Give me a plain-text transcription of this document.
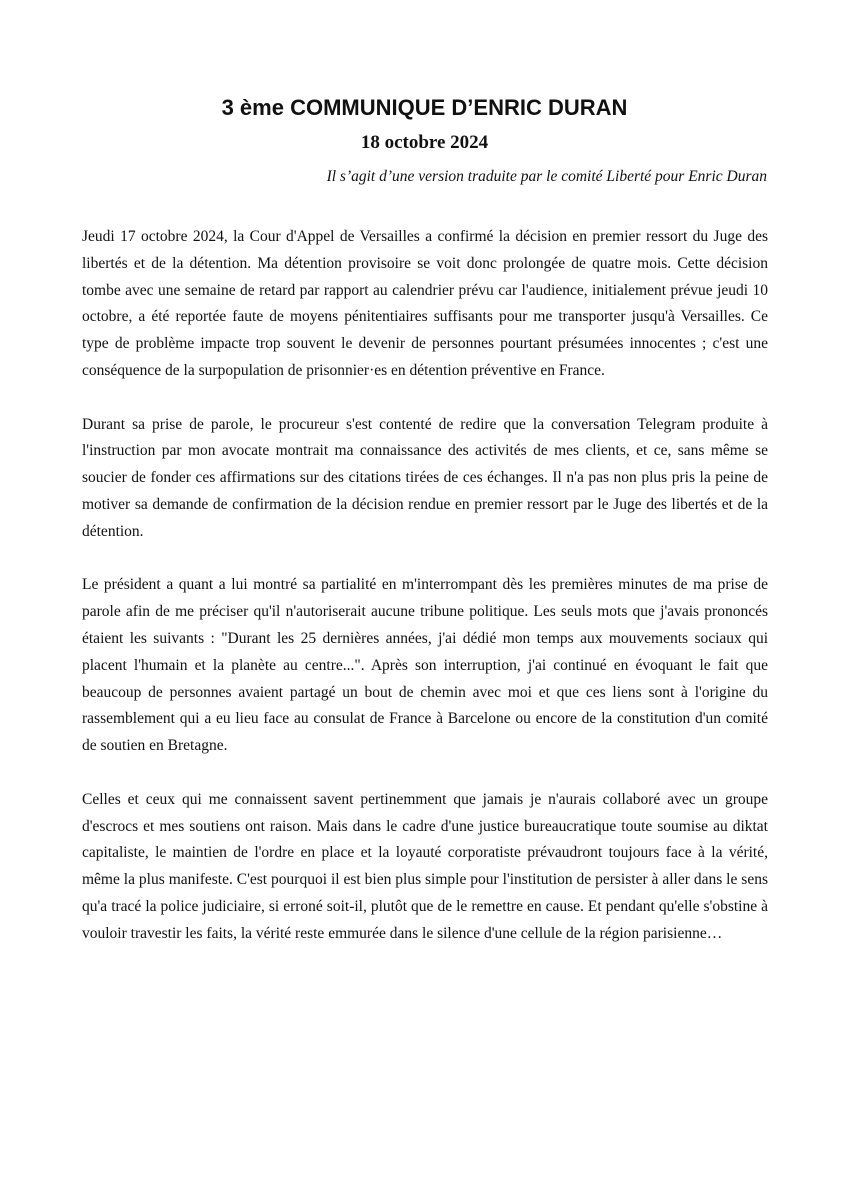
3 ème COMMUNIQUE D’ENRIC DURAN
18 octobre 2024
Il s’agit d’une version traduite par le comité Liberté pour Enric Duran

Jeudi 17 octobre 2024, la Cour d'Appel de Versailles a confirmé la décision en premier ressort du Juge des libertés et de la détention. Ma détention provisoire se voit donc prolongée de quatre mois. Cette décision tombe avec une semaine de retard par rapport au calendrier prévu car l'audience, initialement prévue jeudi 10 octobre, a été reportée faute de moyens pénitentiaires suffisants pour me transporter jusqu'à Versailles. Ce type de problème impacte trop souvent le devenir de personnes pourtant présumées innocentes ; c'est une conséquence de la surpopulation de prisonnier·es en détention préventive en France.

Durant sa prise de parole, le procureur s'est contenté de redire que la conversation Telegram produite à l'instruction par mon avocate montrait ma connaissance des activités de mes clients, et ce, sans même se soucier de fonder ces affirmations sur des citations tirées de ces échanges. Il n'a pas non plus pris la peine de motiver sa demande de confirmation de la décision rendue en premier ressort par le Juge des libertés et de la détention.

Le président a quant a lui montré sa partialité en m'interrompant dès les premières minutes de ma prise de parole afin de me préciser qu'il n'autoriserait aucune tribune politique. Les seuls mots que j'avais prononcés étaient les suivants : "Durant les 25 dernières années, j'ai dédié mon temps aux mouvements sociaux qui placent l'humain et la planète au centre...". Après son interruption, j'ai continué en évoquant le fait que beaucoup de personnes avaient partagé un bout de chemin avec moi et que ces liens sont à l'origine du rassemblement qui a eu lieu face au consulat de France à Barcelone ou encore de la constitution d'un comité de soutien en Bretagne.

Celles et ceux qui me connaissent savent pertinemment que jamais je n'aurais collaboré avec un groupe d'escrocs et mes soutiens ont raison. Mais dans le cadre d'une justice bureaucratique toute soumise au diktat capitaliste, le maintien de l'ordre en place et la loyauté corporatiste prévaudront toujours face à la vérité, même la plus manifeste. C'est pourquoi il est bien plus simple pour l'institution de persister à aller dans le sens qu'a tracé la police judiciaire, si erroné soit-il, plutôt que de le remettre en cause. Et pendant qu'elle s'obstine à vouloir travestir les faits, la vérité reste emmurée dans le silence d'une cellule de la région parisienne…
